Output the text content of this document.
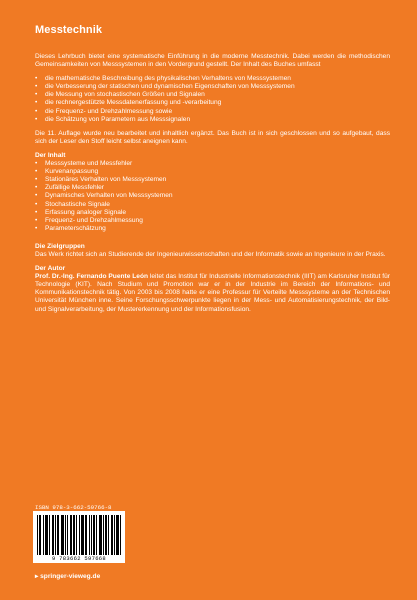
Messtechnik

Dieses Lehrbuch bietet eine systematische Einführung in die moderne Messtechnik. Dabei werden die methodischen Gemeinsamkeiten von Messsystemen in den Vordergrund gestellt. Der Inhalt des Buches umfasst

• die mathematische Beschreibung des physikalischen Verhaltens von Messsystemen
• die Verbesserung der statischen und dynamischen Eigenschaften von Messsystemen
• die Messung von stochastischen Größen und Signalen
• die rechnergestützte Messdatenerfassung und -verarbeitung
• die Frequenz- und Drehzahlmessung sowie
• die Schätzung von Parametern aus Messsignalen

Die 11. Auflage wurde neu bearbeitet und inhaltlich ergänzt. Das Buch ist in sich geschlossen und so aufgebaut, dass sich der Leser den Stoff leicht selbst aneignen kann.

Der Inhalt
• Messsysteme und Messfehler
• Kurvenanpassung
• Stationäres Verhalten von Messsystemen
• Zufällige Messfehler
• Dynamisches Verhalten von Messsystemen
• Stochastische Signale
• Erfassung analoger Signale
• Frequenz- und Drehzahlmessung
• Parameterschätzung
Die Zielgruppen

Das Werk richtet sich an Studierende der Ingenieurwissenschaften und der Informatik sowie an Ingenieure in der Praxis.

Der Autor

Prof. Dr.-Ing. Fernando Puente León leitet das Institut für Industrielle Informationstechnik (IIIT) am Karlsruher Institut für Technologie (KIT). Nach Studium und Promotion war er in der Industrie im Bereich der Informations- und Kommunikationstechnik tätig. Von 2003 bis 2008 hatte er eine Professur für Verteilte Messsysteme an der Technischen Universität München inne. Seine Forschungsschwerpunkte liegen in der Mess- und Automatisierungstechnik, der Bild- und Signalverarbeitung, der Mustererkennung und der Informationsfusion.

ISBN 978-3-662-59766-8
9 783662 597668
▸ springer-vieweg.de
